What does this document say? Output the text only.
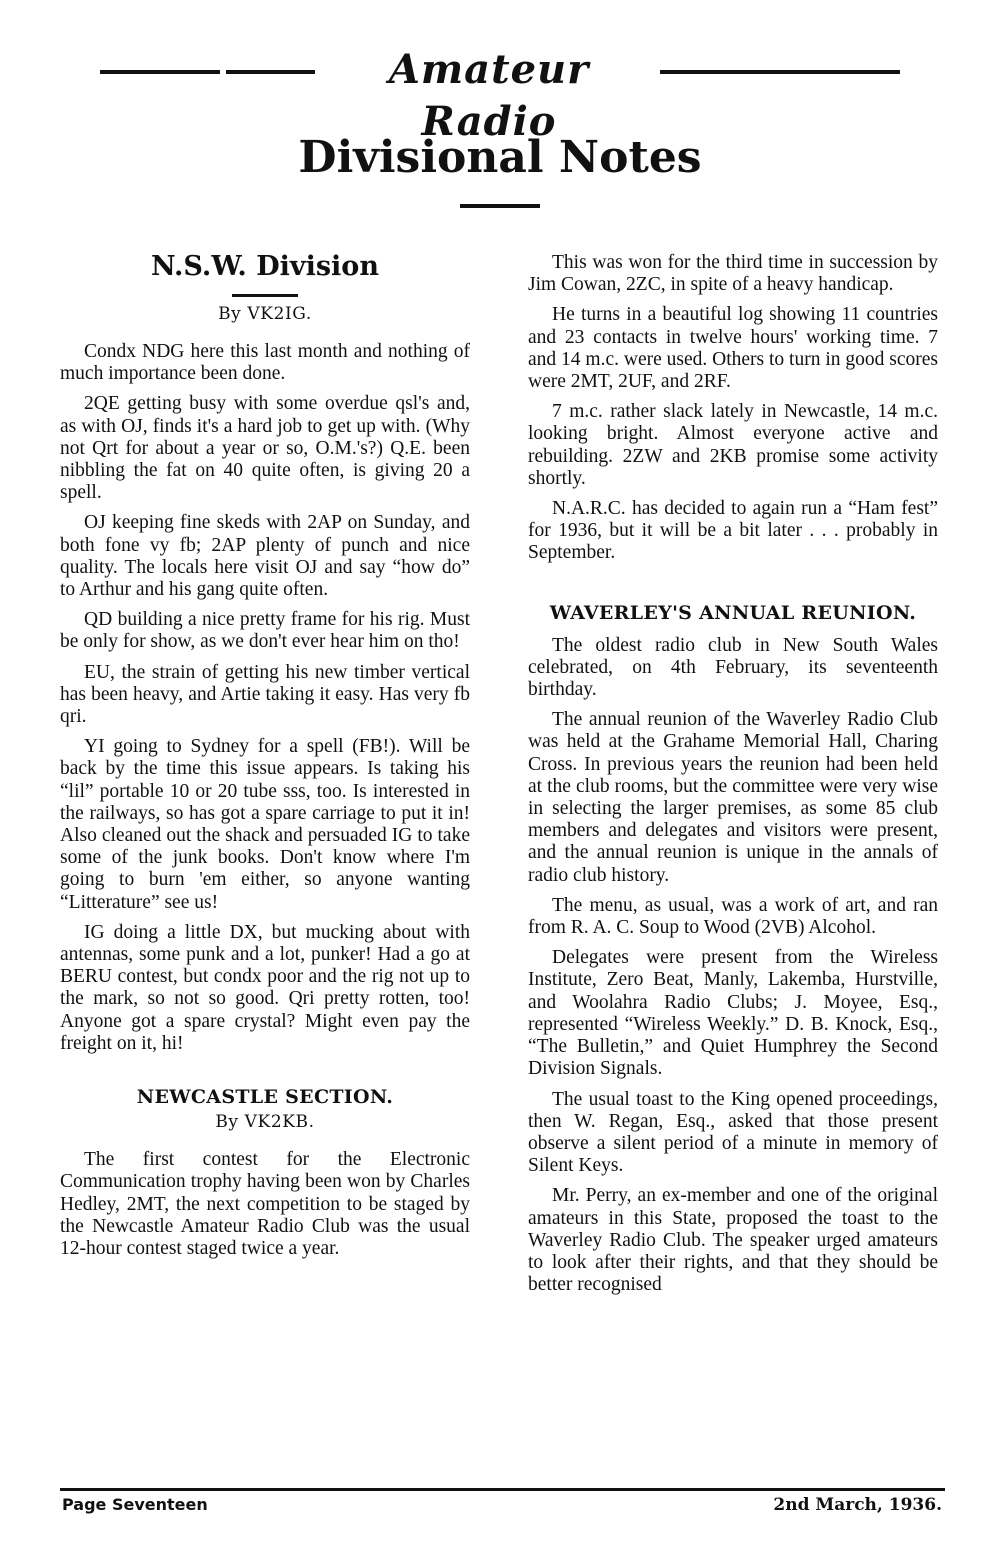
Amateur Radio
Divisional Notes
N.S.W. Division
By VK2IG.

Condx NDG here this last month and nothing of much importance been done.

2QE getting busy with some overdue qsl's and, as with OJ, finds it's a hard job to get up with. (Why not Qrt for about a year or so, O.M.'s?) Q.E. been nibbling the fat on 40 quite often, is giving 20 a spell.

OJ keeping fine skeds with 2AP on Sunday, and both fone vy fb; 2AP plenty of punch and nice quality. The locals here visit OJ and say “how do” to Arthur and his gang quite often.

QD building a nice pretty frame for his rig. Must be only for show, as we don't ever hear him on tho!

EU, the strain of getting his new timber vertical has been heavy, and Artie taking it easy. Has very fb qri.

YI going to Sydney for a spell (FB!). Will be back by the time this issue appears. Is taking his “lil” portable 10 or 20 tube sss, too. Is interested in the railways, so has got a spare carriage to put it in! Also cleaned out the shack and persuaded IG to take some of the junk books. Don't know where I'm going to burn 'em either, so anyone wanting “Litterature” see us!

IG doing a little DX, but mucking about with antennas, some punk and a lot, punker! Had a go at BERU contest, but condx poor and the rig not up to the mark, so not so good. Qri pretty rotten, too! Anyone got a spare crystal? Might even pay the freight on it, hi!

NEWCASTLE SECTION.
By VK2KB.

The first contest for the Electronic Communication trophy having been won by Charles Hedley, 2MT, the next competition to be staged by the Newcastle Amateur Radio Club was the usual 12-hour contest staged twice a year.

This was won for the third time in succession by Jim Cowan, 2ZC, in spite of a heavy handicap.

He turns in a beautiful log showing 11 countries and 23 contacts in twelve hours' working time. 7 and 14 m.c. were used. Others to turn in good scores were 2MT, 2UF, and 2RF.

7 m.c. rather slack lately in Newcastle, 14 m.c. looking bright. Almost everyone active and rebuilding. 2ZW and 2KB promise some activity shortly.

N.A.R.C. has decided to again run a “Ham fest” for 1936, but it will be a bit later . . . probably in September.

WAVERLEY'S ANNUAL REUNION.

The oldest radio club in New South Wales celebrated, on 4th February, its seventeenth birthday.

The annual reunion of the Waverley Radio Club was held at the Grahame Memorial Hall, Charing Cross. In previous years the reunion had been held at the club rooms, but the committee were very wise in selecting the larger premises, as some 85 club members and delegates and visitors were present, and the annual reunion is unique in the annals of radio club history.

The menu, as usual, was a work of art, and ran from R. A. C. Soup to Wood (2VB) Alcohol.

Delegates were present from the Wireless Institute, Zero Beat, Manly, Lakemba, Hurstville, and Woolahra Radio Clubs; J. Moyee, Esq., represented “Wireless Weekly.” D. B. Knock, Esq., “The Bulletin,” and Quiet Humphrey the Second Division Signals.

The usual toast to the King opened proceedings, then W. Regan, Esq., asked that those present observe a silent period of a minute in memory of Silent Keys.

Mr. Perry, an ex-member and one of the original amateurs in this State, proposed the toast to the Waverley Radio Club. The speaker urged amateurs to look after their rights, and that they should be better recognised

Page Seventeen	2nd March, 1936.
